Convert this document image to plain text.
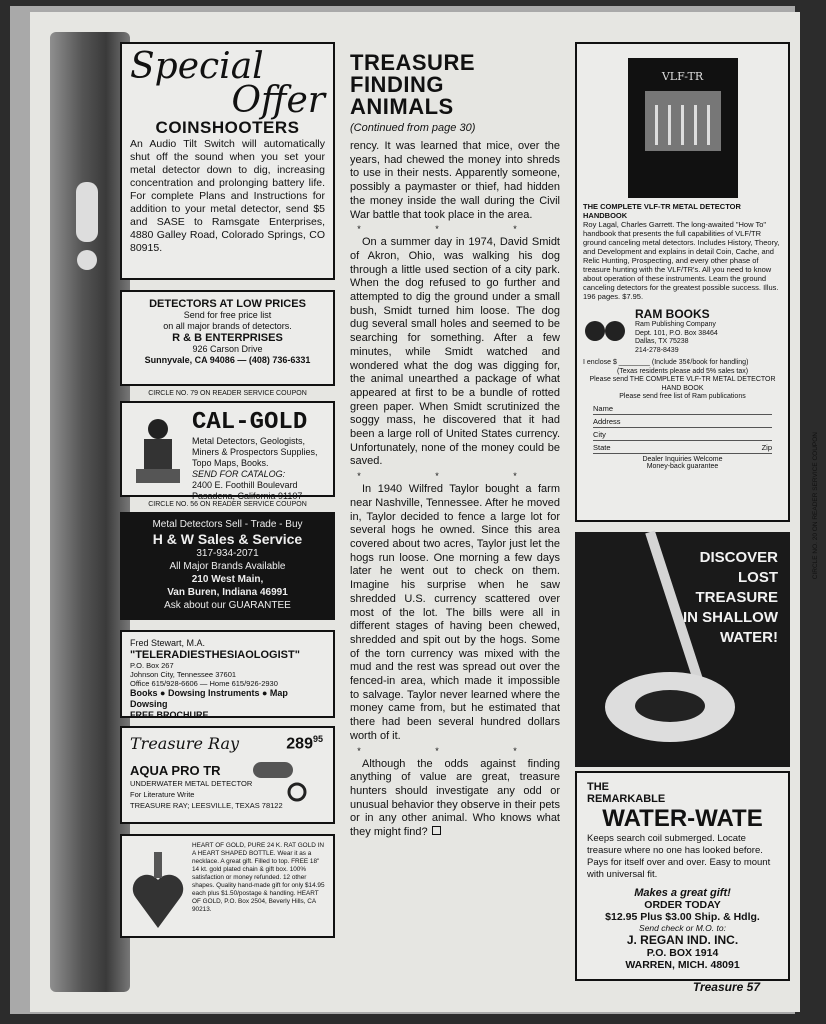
Special
Offer
COINSHOOTERS
An Audio Tilt Switch will automatically shut off the sound when you set your metal detector down to dig, increasing concentration and prolonging battery life. For complete Plans and Instructions for addition to your metal detector, send $5 and SASE to Ramsgate Enterprises, 4880 Galley Road, Colorado Springs, CO 80915.
DETECTORS AT LOW PRICES
Send for free price list
on all major brands of detectors.
R & B ENTERPRISES
926 Carson Drive
Sunnyvale, CA 94086 — (408) 736-6331
CIRCLE NO. 79 ON READER SERVICE COUPON
CAL-GOLD
Metal Detectors, Geologists,
Miners & Prospectors Supplies,
Topo Maps, Books.
SEND FOR CATALOG:
2400 E. Foothill Boulevard
Pasadena, California 91107
CIRCLE NO. 56 ON READER SERVICE COUPON
Metal Detectors Sell - Trade - Buy
H & W Sales & Service
317-934-2071
All Major Brands Available
210 West Main,
Van Buren, Indiana 46991
Ask about our GUARANTEE
Fred Stewart, M.A.
"TELERADIESTHESIAOLOGIST"
P.O. Box 267
Johnson City, Tennessee 37601
Office 615/928-6606 — Home 615/926-2930
Books ● Dowsing Instruments ● Map Dowsing
FREE BROCHURE
Treasure Ray	$289^{95}$
AQUA PRO TR
UNDERWATER METAL DETECTOR
For Literature Write
TREASURE RAY; LEESVILLE, TEXAS 78122
HEART OF GOLD, PURE 24 K. RAT GOLD IN A HEART SHAPED BOTTLE. Wear it as a necklace. A great gift. Filled to top. FREE 18" 14 kt. gold plated chain & gift box. 100% satisfaction or money refunded. 12 other shapes. Quality hand-made gift for only $14.95 each plus $1.50/postage & handling. HEART OF GOLD, P.O. Box 2504, Beverly Hills, CA 90213.
TREASURE
FINDING
ANIMALS
(Continued from page 30)

rency. It was learned that mice, over the years, had chewed the money into shreds to use in their nests. Apparently someone, possibly a paymaster or thief, had hidden the money inside the wall during the Civil War battle that took place in the area.

* * *

On a summer day in 1974, David Smidt of Akron, Ohio, was walking his dog through a little used section of a city park. When the dog refused to go further and attempted to dig the ground under a small bush, Smidt turned him loose. The dog dug several small holes and seemed to be searching for something. After a few minutes, while Smidt watched and wondered what the dog was digging for, the animal unearthed a package of what appeared at first to be a bundle of rotted green paper. When Smidt scrutinized the soggy mass, he discovered that it had been a large roll of United States currency. Unfortunately, none of the money could be saved.

* * *

In 1940 Wilfred Taylor bought a farm near Nashville, Tennessee. After he moved in, Taylor decided to fence a large lot for several hogs he owned. Since this area covered about two acres, Taylor just let the hogs run loose. One morning a few days later he went out to check on them. Imagine his surprise when he saw shredded U.S. currency scattered over most of the lot. The bills were all in different stages of having been chewed, shredded and spit out by the hogs. Some of the torn currency was mixed with the mud and the rest was spread out over the fenced-in area, which made it impossible to salvage. Taylor never learned where the money came from, but he estimated that there had been several hundred dollars worth of it.

* * *

Although the odds against finding anything of value are great, treasure hunters should investigate any odd or unusual behavior they observe in their pets or in any other animal. Who knows what they might find?

VLF-TR
THE COMPLETE VLF-TR METAL DETECTOR HANDBOOK
Roy Lagal, Charles Garrett. The long-awaited "How To" handbook that presents the full capabilities of VLF/TR ground canceling metal detectors. Includes History, Theory, and Development and explains in detail Coin, Cache, and Relic Hunting, Prospecting, and every other phase of treasure hunting with the VLF/TR's. All you need to know about operation of these instruments. Learn the ground canceling detectors for the greatest possible success. Illus. 196 pages. $7.95.
RAM BOOKS
Ram Publishing Company
Dept. 101, P.O. Box 38464
Dallas, TX 75238
214-278-8439
I enclose $ ________ (Include 35¢/book for handling)
(Texas residents please add 5% sales tax)
Please send THE COMPLETE VLF-TR METAL DETECTOR HAND BOOK
Please send free list of Ram publications
Name
Address
City
State	Zip
Dealer Inquiries Welcome
Money-back guarantee
DISCOVER
LOST
TREASURE
IN SHALLOW
WATER!
THE
REMARKABLE
WATER-WATE
Keeps search coil submerged. Locate treasure where no one has looked before. Pays for itself over and over. Easy to mount with universal fit.
Makes a great gift!
ORDER TODAY
$12.95 Plus $3.00 Ship. & Hdlg.
Send check or M.O. to:
J. REGAN IND. INC.
P.O. BOX 1914
WARREN, MICH. 48091
CIRCLE NO. 20 ON READER SERVICE COUPON
Treasure 57
